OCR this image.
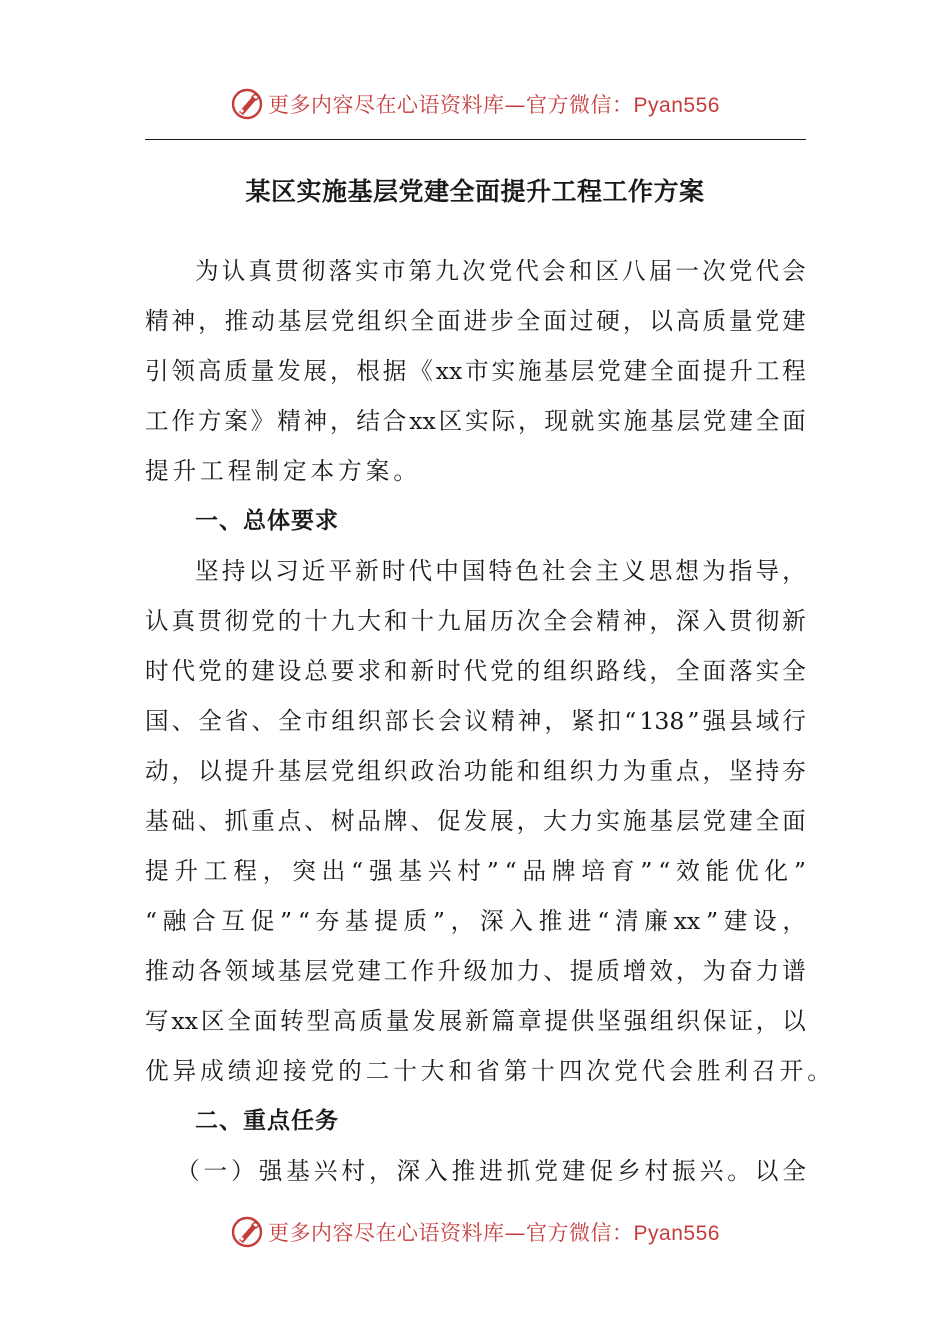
更多内容尽在心语资料库—官方微信：Pyan556
某区实施基层党建全面提升工程工作方案
为 认 真 贯 彻 落 实 市 第 九 次 党 代 会 和 区 八 届 一 次 党 代 会
精 神 ， 推 动 基 层 党 组 织 全 面 进 步 全 面 过 硬 ， 以 高 质 量 党 建
引 领 高 质 量 发 展 ， 根 据 《 xx 市 实 施 基 层 党 建 全 面 提 升 工 程
工 作 方 案 》 精 神 ， 结 合 xx 区 实 际 ， 现 就 实 施 基 层 党 建 全 面
提升工程制定本方案。
一、总体要求
坚 持 以 习 近 平 新 时 代 中 国 特 色 社 会 主 义 思 想 为 指 导 ，
认 真 贯 彻 党 的 十 九 大 和 十 九 届 历 次 全 会 精 神 ， 深 入 贯 彻 新
时 代 党 的 建 设 总 要 求 和 新 时 代 党 的 组 织 路 线 ， 全 面 落 实 全
国 、 全 省 、 全 市 组 织 部 长 会 议 精 神 ， 紧 扣 “ 138 ” 强 县 域 行
动 ， 以 提 升 基 层 党 组 织 政 治 功 能 和 组 织 力 为 重 点 ， 坚 持 夯
基 础 、 抓 重 点 、 树 品 牌 、 促 发 展 ， 大 力 实 施 基 层 党 建 全 面
提 升 工 程 ， 突 出 “ 强 基 兴 村 ” “ 品 牌 培 育 ” “ 效 能 优 化 ”
“ 融 合 互 促 ” “ 夯 基 提 质 ” ， 深 入 推 进 “ 清 廉 xx ” 建 设 ，
推 动 各 领 域 基 层 党 建 工 作 升 级 加 力 、 提 质 增 效 ， 为 奋 力 谱
写 xx 区 全 面 转 型 高 质 量 发 展 新 篇 章 提 供 坚 强 组 织 保 证 ， 以
优异成绩迎接党的二十大和省第十四次党代会胜利召开。
二、重点任务
（ 一 ） 强 基 兴 村 ， 深 入 推 进 抓 党 建 促 乡 村 振 兴 。 以 全
更多内容尽在心语资料库—官方微信：Pyan556
